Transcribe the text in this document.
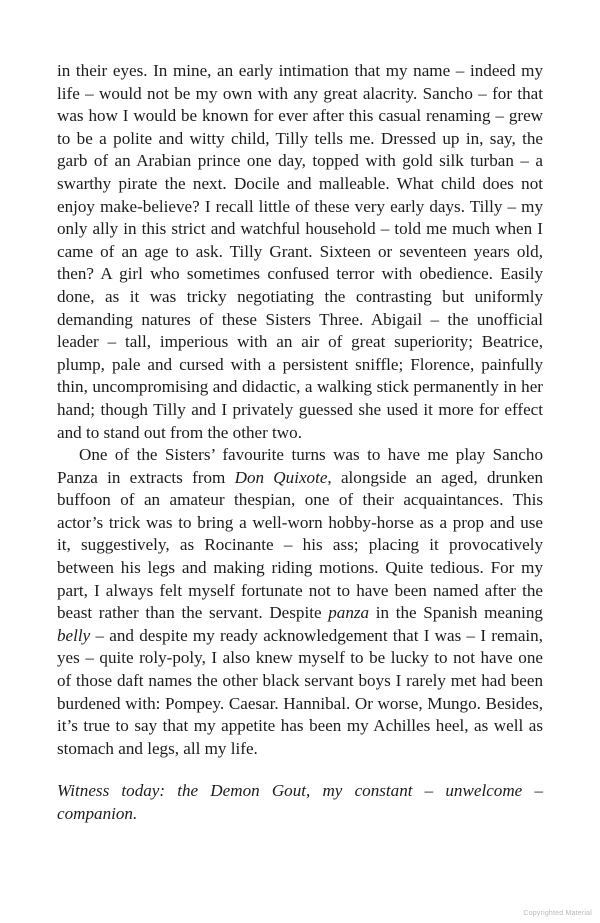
in their eyes. In mine, an early intimation that my name – indeed my life – would not be my own with any great alacrity. Sancho – for that was how I would be known for ever after this casual renaming – grew to be a polite and witty child, Tilly tells me. Dressed up in, say, the garb of an Arabian prince one day, topped with gold silk turban – a swarthy pirate the next. Docile and malleable. What child does not enjoy make-believe? I recall little of these very early days. Tilly – my only ally in this strict and watchful household – told me much when I came of an age to ask. Tilly Grant. Sixteen or seventeen years old, then? A girl who sometimes confused terror with obedience. Easily done, as it was tricky negotiating the contrasting but uniformly demanding natures of these Sisters Three. Abigail – the unofficial leader – tall, imperious with an air of great superiority; Beatrice, plump, pale and cursed with a persistent sniffle; Florence, painfully thin, uncompromising and didactic, a walking stick permanently in her hand; though Tilly and I privately guessed she used it more for effect and to stand out from the other two.

One of the Sisters’ favourite turns was to have me play Sancho Panza in extracts from Don Quixote, alongside an aged, drunken buffoon of an amateur thespian, one of their acquaintances. This actor’s trick was to bring a well-worn hobby-horse as a prop and use it, suggestively, as Rocinante – his ass; placing it provocatively between his legs and making riding motions. Quite tedious. For my part, I always felt myself fortunate not to have been named after the beast rather than the servant. Despite panza in the Spanish meaning belly – and despite my ready acknowledgement that I was – I remain, yes – quite roly-poly, I also knew myself to be lucky to not have one of those daft names the other black servant boys I rarely met had been burdened with: Pompey. Caesar. Hannibal. Or worse, Mungo. Besides, it’s true to say that my appetite has been my Achilles heel, as well as stomach and legs, all my life.

Witness today: the Demon Gout, my constant – unwelcome – companion.

Copyrighted Material
